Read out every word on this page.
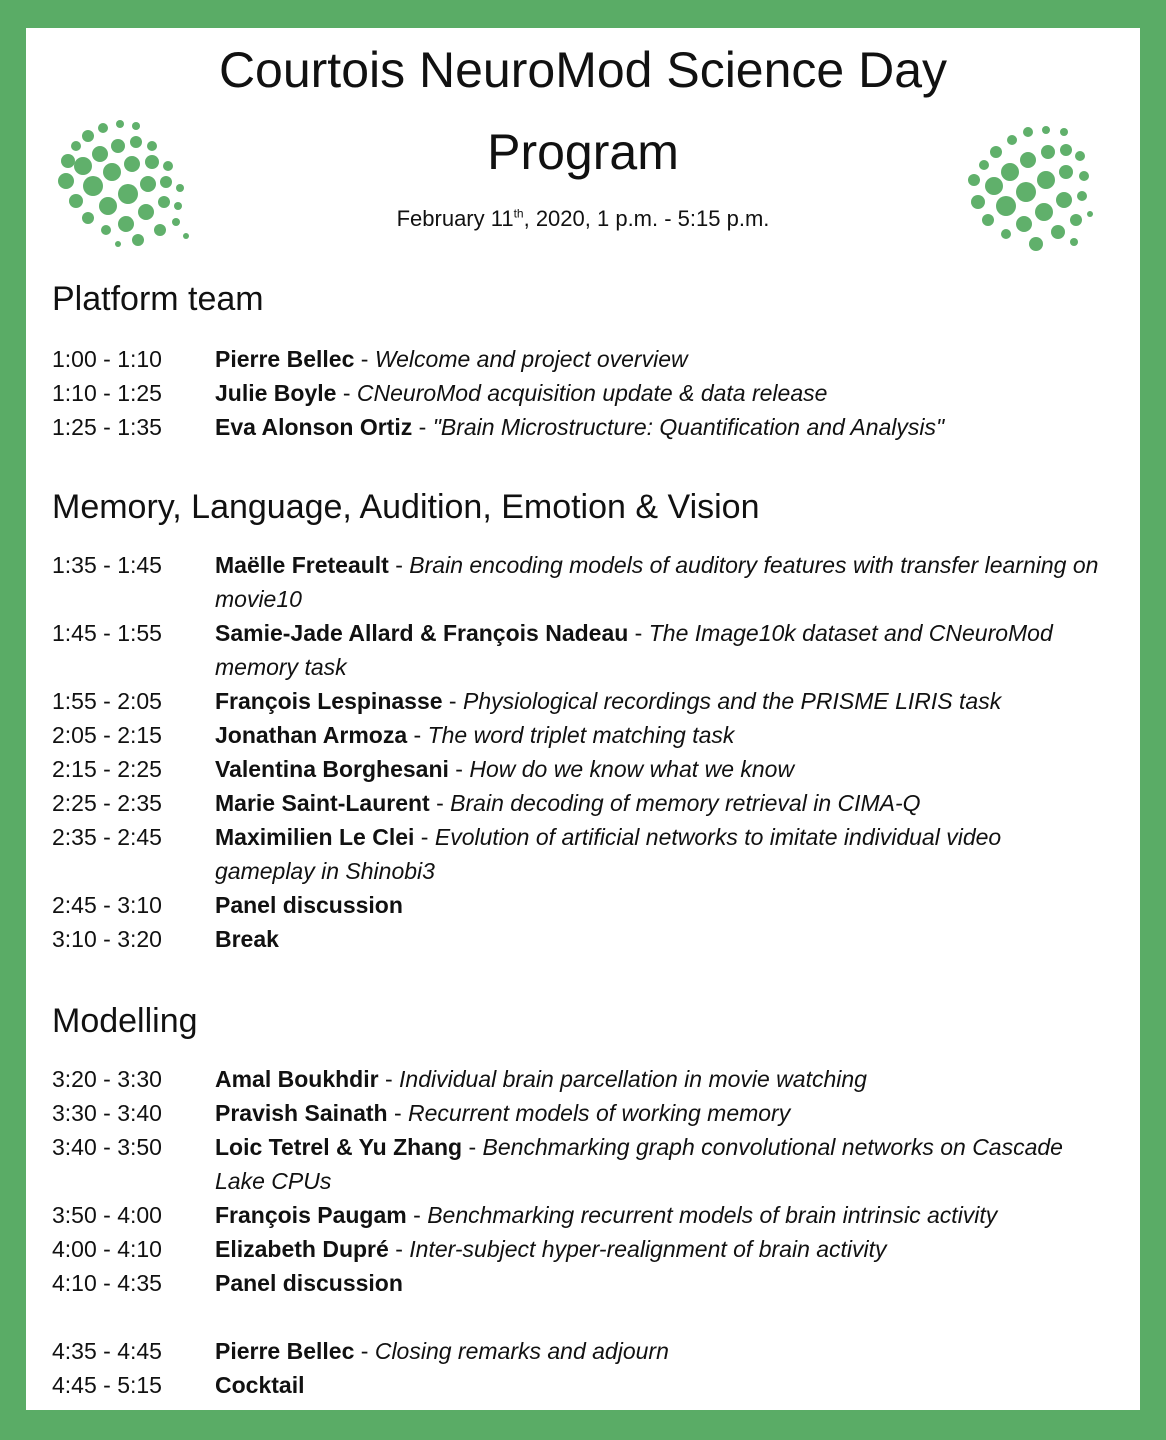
Courtois NeuroMod Science Day
Program
February 11th, 2020, 1 p.m. - 5:15 p.m.
Platform team
1:00 - 1:10	Pierre Bellec - Welcome and project overview
1:10 - 1:25	Julie Boyle - CNeuroMod acquisition update & data release
1:25 - 1:35	Eva Alonson Ortiz - "Brain Microstructure: Quantification and Analysis"
Memory, Language, Audition, Emotion & Vision
1:35 - 1:45	Maëlle Freteault - Brain encoding models of auditory features with transfer learning on movie10
1:45 - 1:55	Samie-Jade Allard & François Nadeau - The Image10k dataset and CNeuroMod memory task
1:55 - 2:05	François Lespinasse - Physiological recordings and the PRISME LIRIS task
2:05 - 2:15	Jonathan Armoza - The word triplet matching task
2:15 - 2:25	Valentina Borghesani - How do we know what we know
2:25 - 2:35	Marie Saint-Laurent - Brain decoding of memory retrieval in CIMA-Q
2:35 - 2:45	Maximilien Le Clei - Evolution of artificial networks to imitate individual video gameplay in Shinobi3
2:45 - 3:10	Panel discussion
3:10 - 3:20	Break
Modelling
3:20 - 3:30	Amal Boukhdir - Individual brain parcellation in movie watching
3:30 - 3:40	Pravish Sainath - Recurrent models of working memory
3:40 - 3:50	Loic Tetrel & Yu Zhang - Benchmarking graph convolutional networks on Cascade Lake CPUs
3:50 - 4:00	François Paugam - Benchmarking recurrent models of brain intrinsic activity
4:00 - 4:10	Elizabeth Dupré - Inter-subject hyper-realignment of brain activity
4:10 - 4:35	Panel discussion
4:35 - 4:45	Pierre Bellec - Closing remarks and adjourn
4:45 - 5:15	Cocktail
